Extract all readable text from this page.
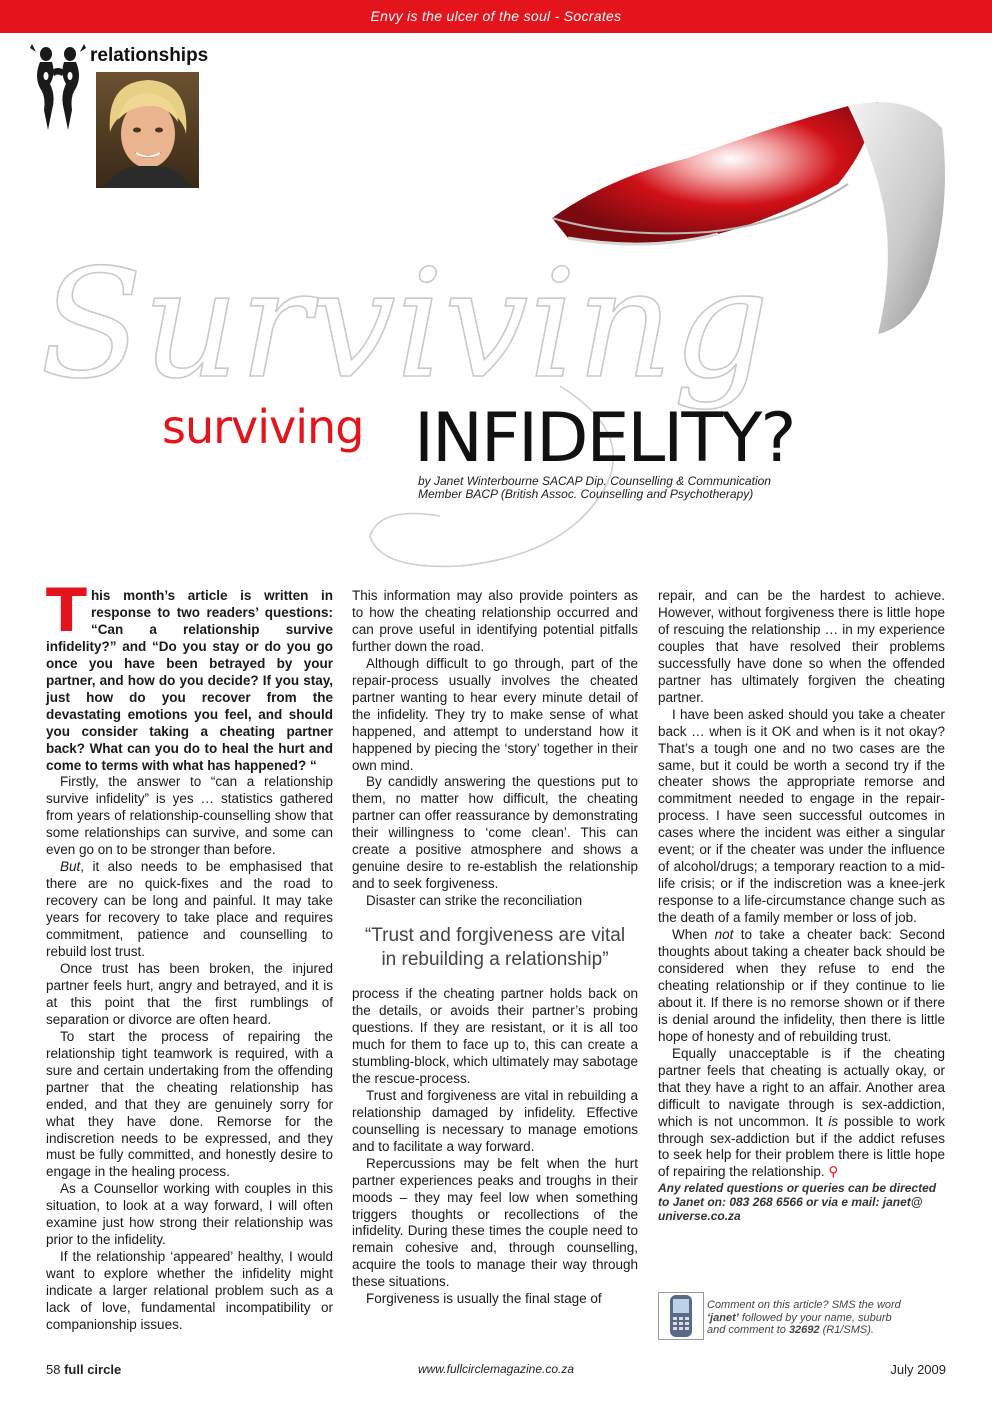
Envy is the ulcer of the soul - Socrates
relationships
Surviving
surviving INFIDELITY?
by Janet Winterbourne SACAP Dip. Counselling & Communication
Member BACP (British Assoc. Counselling and Psychotherapy)

This month’s article is written in response to two readers’ questions: “Can a relationship survive infidelity?” and “Do you stay or do you go once you have been betrayed by your partner, and how do you decide? If you stay, just how do you recover from the devastating emotions you feel, and should you consider taking a cheating partner back? What can you do to heal the hurt and come to terms with what has happened? “

Firstly, the answer to “can a relationship survive infidelity” is yes … statistics gathered from years of relationship-counselling show that some relationships can survive, and some can even go on to be stronger than before.

But, it also needs to be emphasised that there are no quick-fixes and the road to recovery can be long and painful. It may take years for recovery to take place and requires commitment, patience and counselling to rebuild lost trust.

Once trust has been broken, the injured partner feels hurt, angry and betrayed, and it is at this point that the first rumblings of separation or divorce are often heard.

To start the process of repairing the relationship tight teamwork is required, with a sure and certain undertaking from the offending partner that the cheating relationship has ended, and that they are genuinely sorry for what they have done. Remorse for the indiscretion needs to be expressed, and they must be fully committed, and honestly desire to engage in the healing process.

As a Counsellor working with couples in this situation, to look at a way forward, I will often examine just how strong their relationship was prior to the infidelity.

If the relationship ‘appeared’ healthy, I would want to explore whether the infidelity might indicate a larger relational problem such as a lack of love, fundamental incompatibility or companionship issues.

This information may also provide pointers as to how the cheating relationship occurred and can prove useful in identifying potential pitfalls further down the road.

Although difficult to go through, part of the repair-process usually involves the cheated partner wanting to hear every minute detail of the infidelity. They try to make sense of what happened, and attempt to understand how it happened by piecing the ‘story’ together in their own mind.

By candidly answering the questions put to them, no matter how difficult, the cheating partner can offer reassurance by demonstrating their willingness to ‘come clean’. This can create a positive atmosphere and shows a genuine desire to re-establish the relationship and to seek forgiveness.

Disaster can strike the reconciliation

“Trust and forgiveness are vital in rebuilding a relationship”

process if the cheating partner holds back on the details, or avoids their partner’s probing questions. If they are resistant, or it is all too much for them to face up to, this can create a stumbling-block, which ultimately may sabotage the rescue-process.

Trust and forgiveness are vital in rebuilding a relationship damaged by infidelity. Effective counselling is necessary to manage emotions and to facilitate a way forward.

Repercussions may be felt when the hurt partner experiences peaks and troughs in their moods – they may feel low when something triggers thoughts or recollections of the infidelity. During these times the couple need to remain cohesive and, through counselling, acquire the tools to manage their way through these situations.

Forgiveness is usually the final stage of

repair, and can be the hardest to achieve. However, without forgiveness there is little hope of rescuing the relationship … in my experience couples that have resolved their problems successfully have done so when the offended partner has ultimately forgiven the cheating partner.

I have been asked should you take a cheater back … when is it OK and when is it not okay? That’s a tough one and no two cases are the same, but it could be worth a second try if the cheater shows the appropriate remorse and commitment needed to engage in the repair-process. I have seen successful outcomes in cases where the incident was either a singular event; or if the cheater was under the influence of alcohol/drugs; a temporary reaction to a mid-life crisis; or if the indiscretion was a knee-jerk response to a life-circumstance change such as the death of a family member or loss of job.

When not to take a cheater back: Second thoughts about taking a cheater back should be considered when they refuse to end the cheating relationship or if they continue to lie about it. If there is no remorse shown or if there is denial around the infidelity, then there is little hope of honesty and of rebuilding trust.

Equally unacceptable is if the cheating partner feels that cheating is actually okay, or that they have a right to an affair. Another area difficult to navigate through is sex-addiction, which is not uncommon. It is possible to work through sex-addiction but if the addict refuses to seek help for their problem there is little hope of repairing the relationship. ⚲

Any related questions or queries can be directed to Janet on: 083 268 6566 or via e mail: janet@ universe.co.za

Comment on this article? SMS the word
‘janet’ followed by your name, suburb
and comment to 32692 (R1/SMS).
58 full circle	www.fullcirclemagazine.co.za	July 2009
